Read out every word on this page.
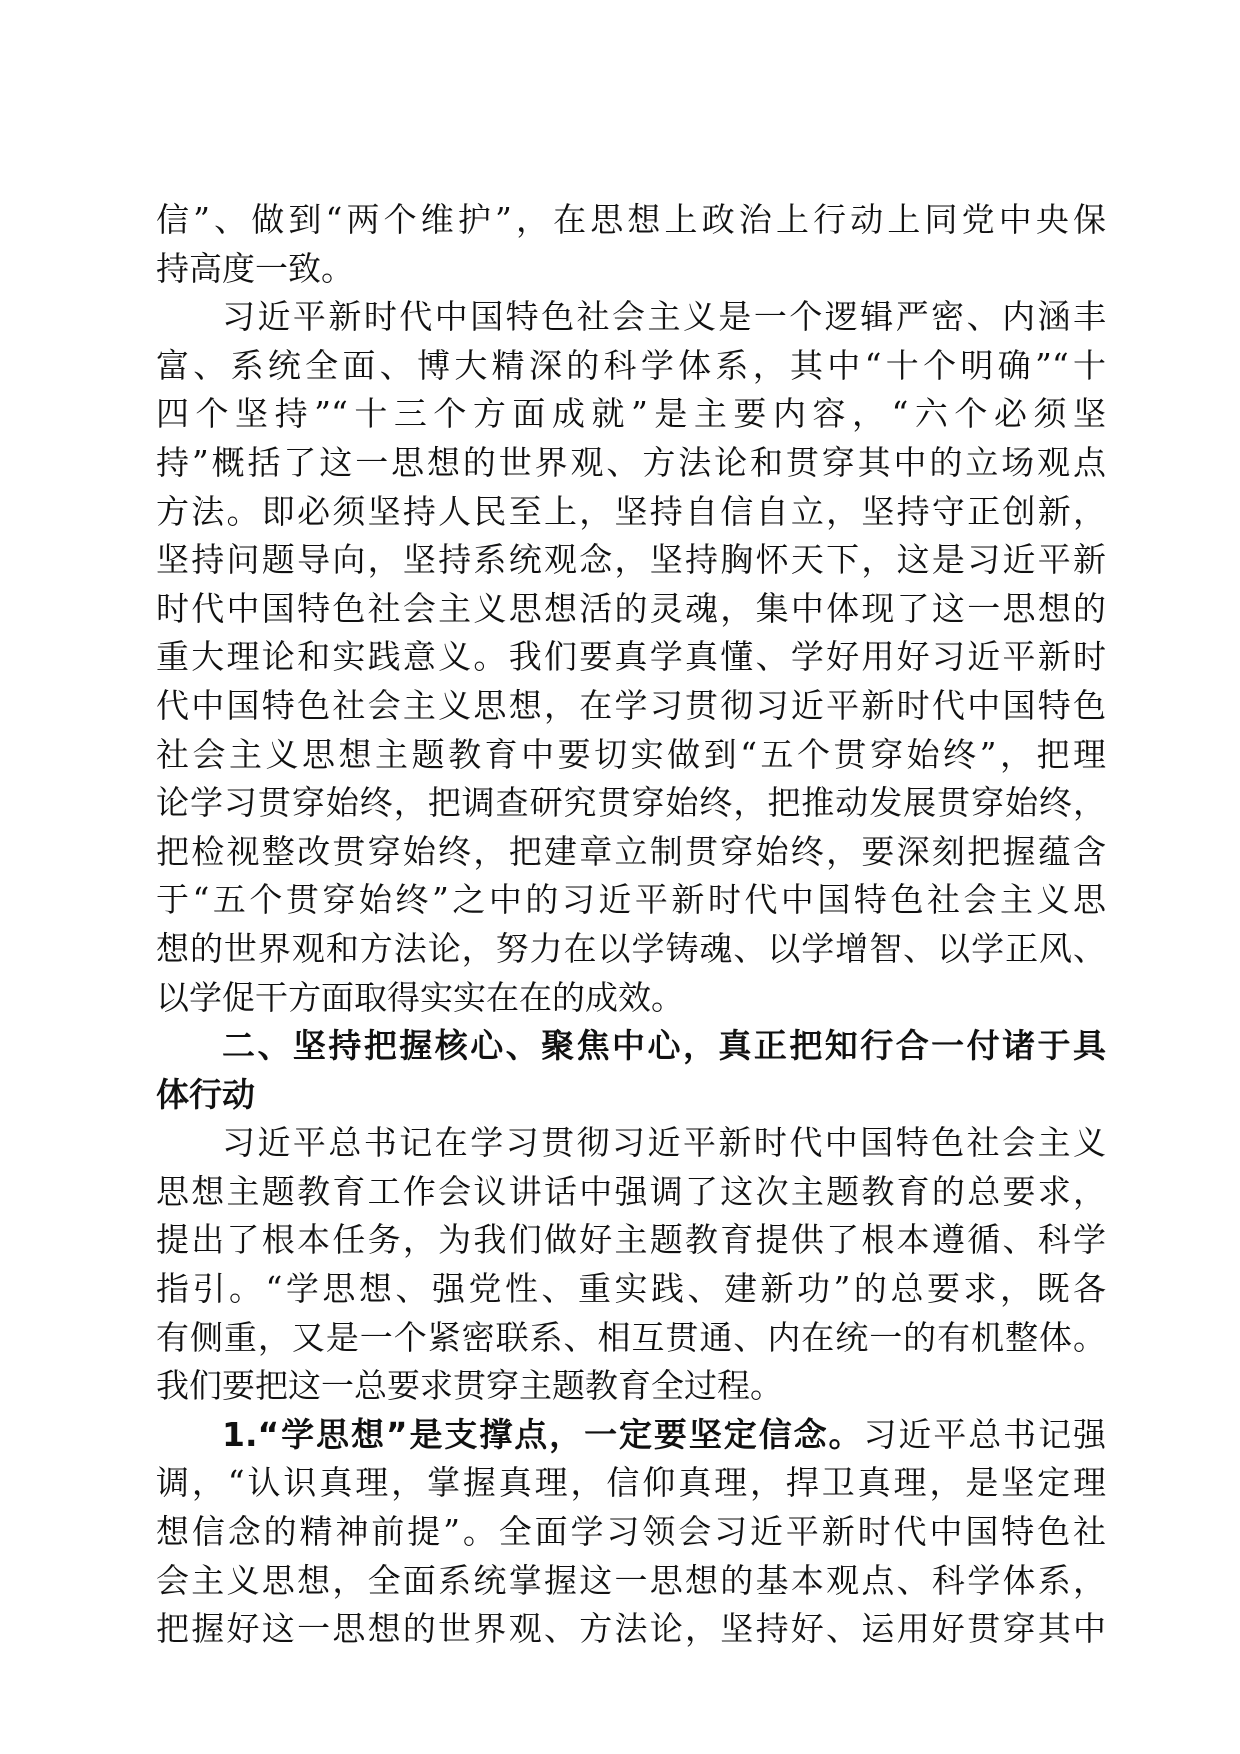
信”、做到“两个维护”，在思想上政治上行动上同党中央保
持高度一致。
习近平新时代中国特色社会主义是一个逻辑严密、内涵丰
富、系统全面、博大精深的科学体系，其中“十个明确”“十
四个坚持”“十三个方面成就”是主要内容，“六个必须坚
持”概括了这一思想的世界观、方法论和贯穿其中的立场观点
方法。即必须坚持人民至上，坚持自信自立，坚持守正创新，
坚持问题导向，坚持系统观念，坚持胸怀天下，这是习近平新
时代中国特色社会主义思想活的灵魂，集中体现了这一思想的
重大理论和实践意义。我们要真学真懂、学好用好习近平新时
代中国特色社会主义思想，在学习贯彻习近平新时代中国特色
社会主义思想主题教育中要切实做到“五个贯穿始终”，把理
论学习贯穿始终，把调查研究贯穿始终，把推动发展贯穿始终，
把检视整改贯穿始终，把建章立制贯穿始终，要深刻把握蕴含
于“五个贯穿始终”之中的习近平新时代中国特色社会主义思
想的世界观和方法论，努力在以学铸魂、以学增智、以学正风、
以学促干方面取得实实在在的成效。
二、坚持把握核心、聚焦中心，真正把知行合一付诸于具
体行动
习近平总书记在学习贯彻习近平新时代中国特色社会主义
思想主题教育工作会议讲话中强调了这次主题教育的总要求，
提出了根本任务，为我们做好主题教育提供了根本遵循、科学
指引。“学思想、强党性、重实践、建新功”的总要求，既各
有侧重，又是一个紧密联系、相互贯通、内在统一的有机整体。
我们要把这一总要求贯穿主题教育全过程。
1.“学思想”是支撑点，一定要坚定信念。习近平总书记强
调，“认识真理，掌握真理，信仰真理，捍卫真理，是坚定理
想信念的精神前提”。全面学习领会习近平新时代中国特色社
会主义思想，全面系统掌握这一思想的基本观点、科学体系，
把握好这一思想的世界观、方法论，坚持好、运用好贯穿其中
